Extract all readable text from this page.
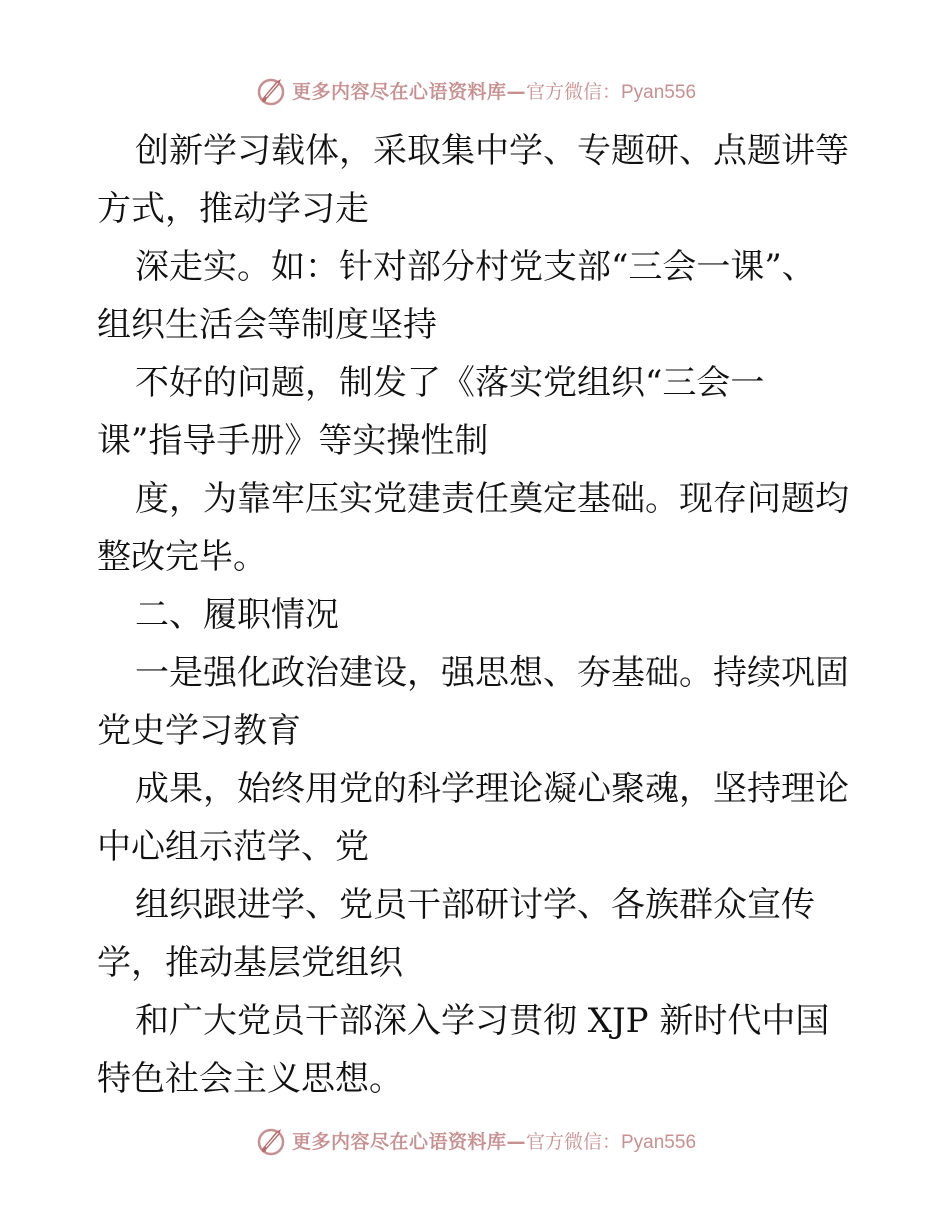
更多内容尽在心语资料库— 官方微信：Pyan556

创新学习载体，采取集中学、专题研、点题讲等

方式，推动学习走

深走实。如：针对部分村党支部“三会一课”、

组织生活会等制度坚持

不好的问题，制发了《落实党组织“三会一

课”指导手册》等实操性制

度，为靠牢压实党建责任奠定基础。现存问题均

整改完毕。

二、履职情况

一是强化政治建设，强思想、夯基础。持续巩固

党史学习教育

成果，始终用党的科学理论凝心聚魂，坚持理论

中心组示范学、党

组织跟进学、党员干部研讨学、各族群众宣传

学，推动基层党组织

和广大党员干部深入学习贯彻 XJP 新时代中国

特色社会主义思想。

更多内容尽在心语资料库— 官方微信：Pyan556
